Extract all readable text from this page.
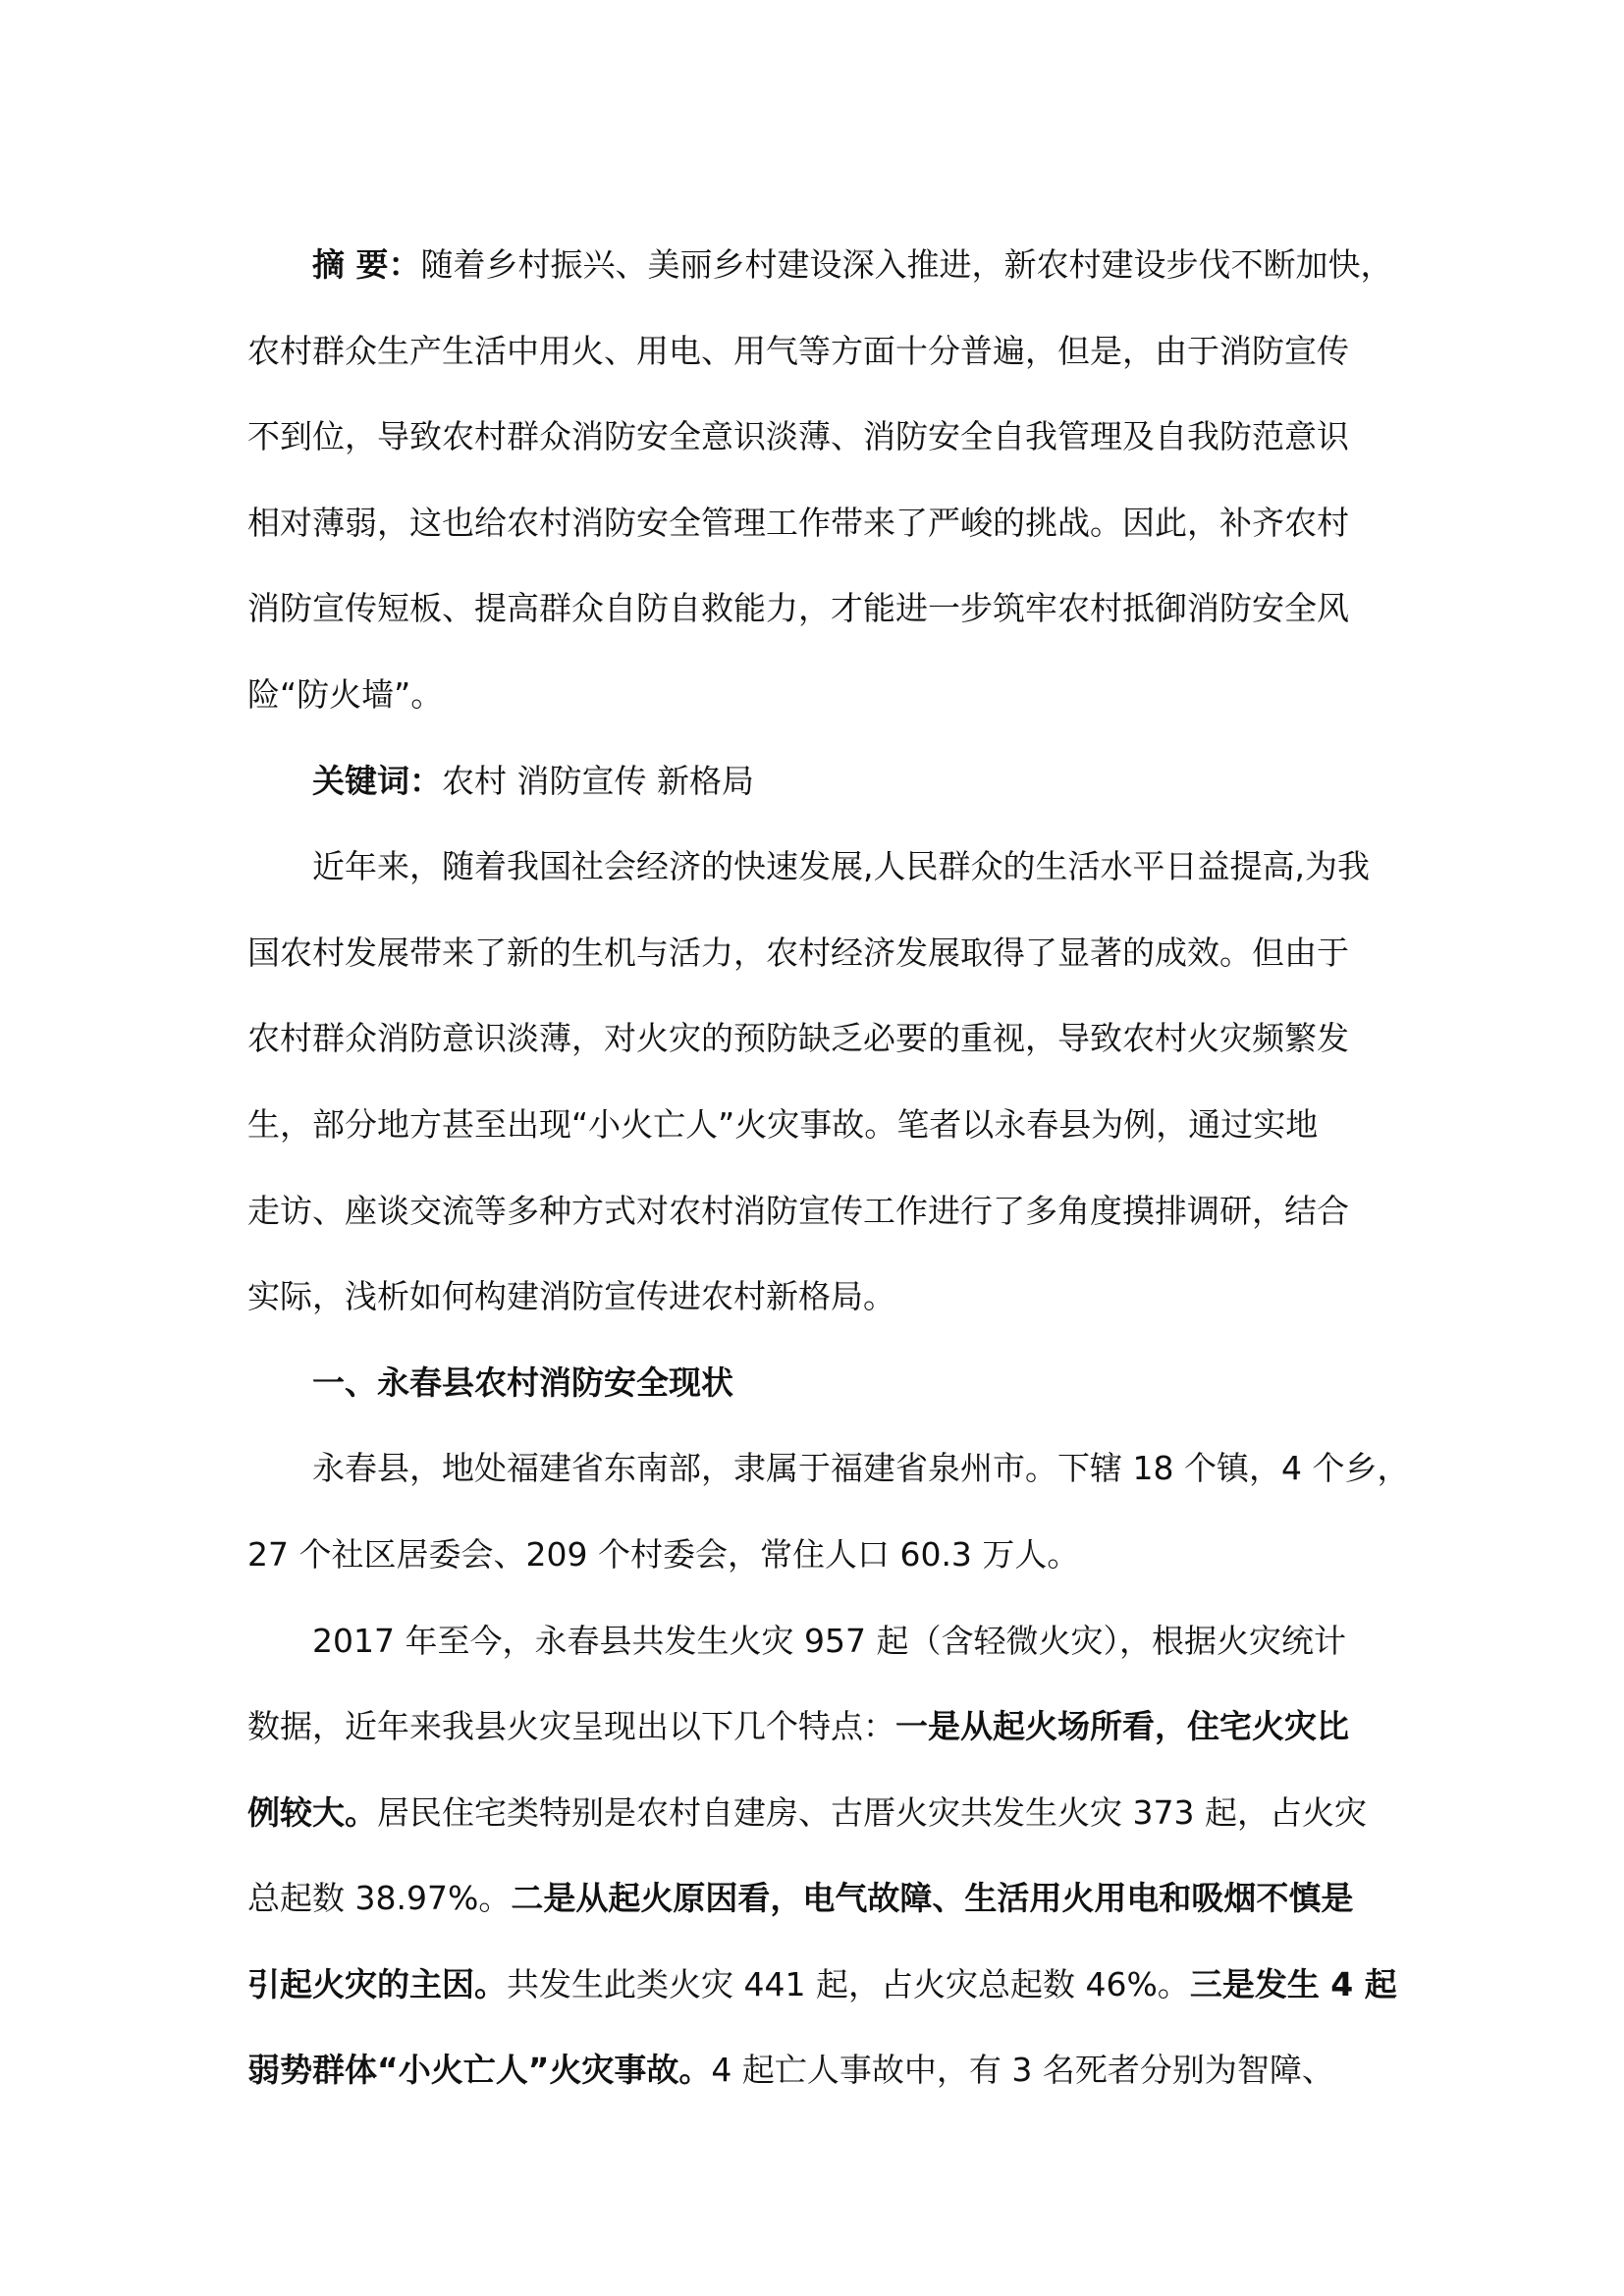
摘 要：随着乡村振兴、美丽乡村建设深入推进，新农村建设步伐不断加快，
农村群众生产生活中用火、用电、用气等方面十分普遍，但是，由于消防宣传
不到位，导致农村群众消防安全意识淡薄、消防安全自我管理及自我防范意识
相对薄弱，这也给农村消防安全管理工作带来了严峻的挑战。因此，补齐农村
消防宣传短板、提高群众自防自救能力，才能进一步筑牢农村抵御消防安全风
险“防火墙”。
关键词：农村 消防宣传 新格局
近年来，随着我国社会经济的快速发展,人民群众的生活水平日益提高,为我
国农村发展带来了新的生机与活力，农村经济发展取得了显著的成效。但由于
农村群众消防意识淡薄，对火灾的预防缺乏必要的重视，导致农村火灾频繁发
生，部分地方甚至出现“小火亡人”火灾事故。笔者以永春县为例，通过实地
走访、座谈交流等多种方式对农村消防宣传工作进行了多角度摸排调研，结合
实际，浅析如何构建消防宣传进农村新格局。
一、永春县农村消防安全现状
永春县，地处福建省东南部，隶属于福建省泉州市。下辖 18 个镇，4 个乡，
27 个社区居委会、209 个村委会，常住人口 60.3 万人。
2017 年至今，永春县共发生火灾 957 起（含轻微火灾），根据火灾统计
数据，近年来我县火灾呈现出以下几个特点：一是从起火场所看，住宅火灾比
例较大。居民住宅类特别是农村自建房、古厝火灾共发生火灾 373 起，占火灾
总起数 38.97%。二是从起火原因看，电气故障、生活用火用电和吸烟不慎是
引起火灾的主因。共发生此类火灾 441 起，占火灾总起数 46%。三是发生 4 起
弱势群体“小火亡人”火灾事故。4 起亡人事故中，有 3 名死者分别为智障、
